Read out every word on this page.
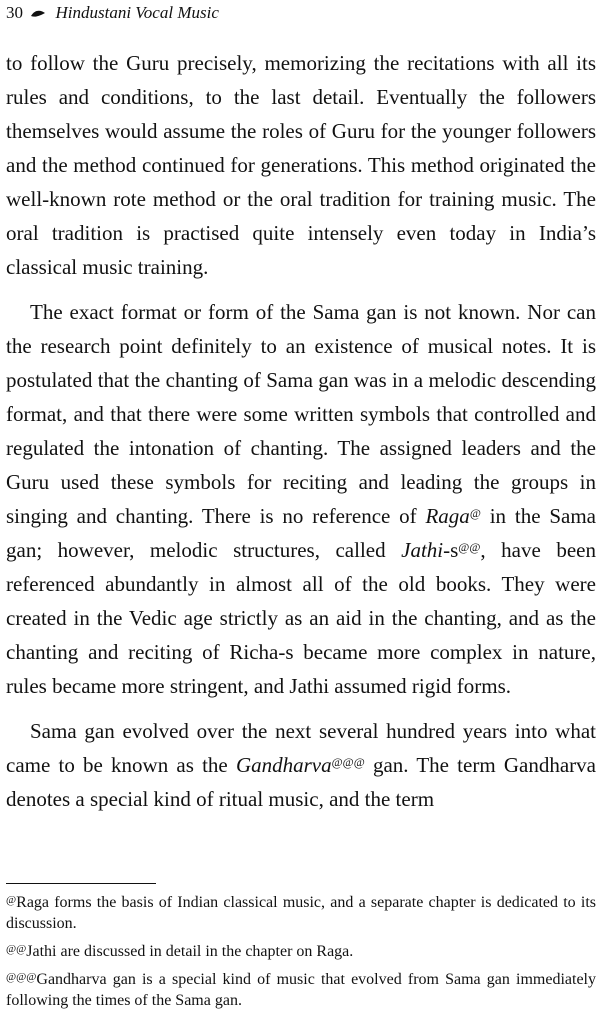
30 Hindustani Vocal Music

to follow the Guru precisely, memorizing the recitations with all its rules and conditions, to the last detail. Eventually the followers themselves would assume the roles of Guru for the younger followers and the method continued for generations. This method originated the well-known rote method or the oral tradition for training music. The oral tradition is practised quite intensely even today in India’s classical music training.

The exact format or form of the Sama gan is not known. Nor can the research point definitely to an existence of musical notes. It is postulated that the chanting of Sama gan was in a melodic descending format, and that there were some written symbols that controlled and regulated the intonation of chanting. The assigned leaders and the Guru used these symbols for reciting and leading the groups in singing and chanting. There is no reference of Raga@ in the Sama gan; however, melodic structures, called Jathi-s@@, have been referenced abundantly in almost all of the old books. They were created in the Vedic age strictly as an aid in the chanting, and as the chanting and reciting of Richa-s became more complex in nature, rules became more stringent, and Jathi assumed rigid forms.

Sama gan evolved over the next several hundred years into what came to be known as the Gandharva@@@ gan. The term Gandharva denotes a special kind of ritual music, and the term

@Raga forms the basis of Indian classical music, and a separate chapter is dedicated to its discussion.

@@Jathi are discussed in detail in the chapter on Raga.

@@@Gandharva gan is a special kind of music that evolved from Sama gan immediately following the times of the Sama gan.
